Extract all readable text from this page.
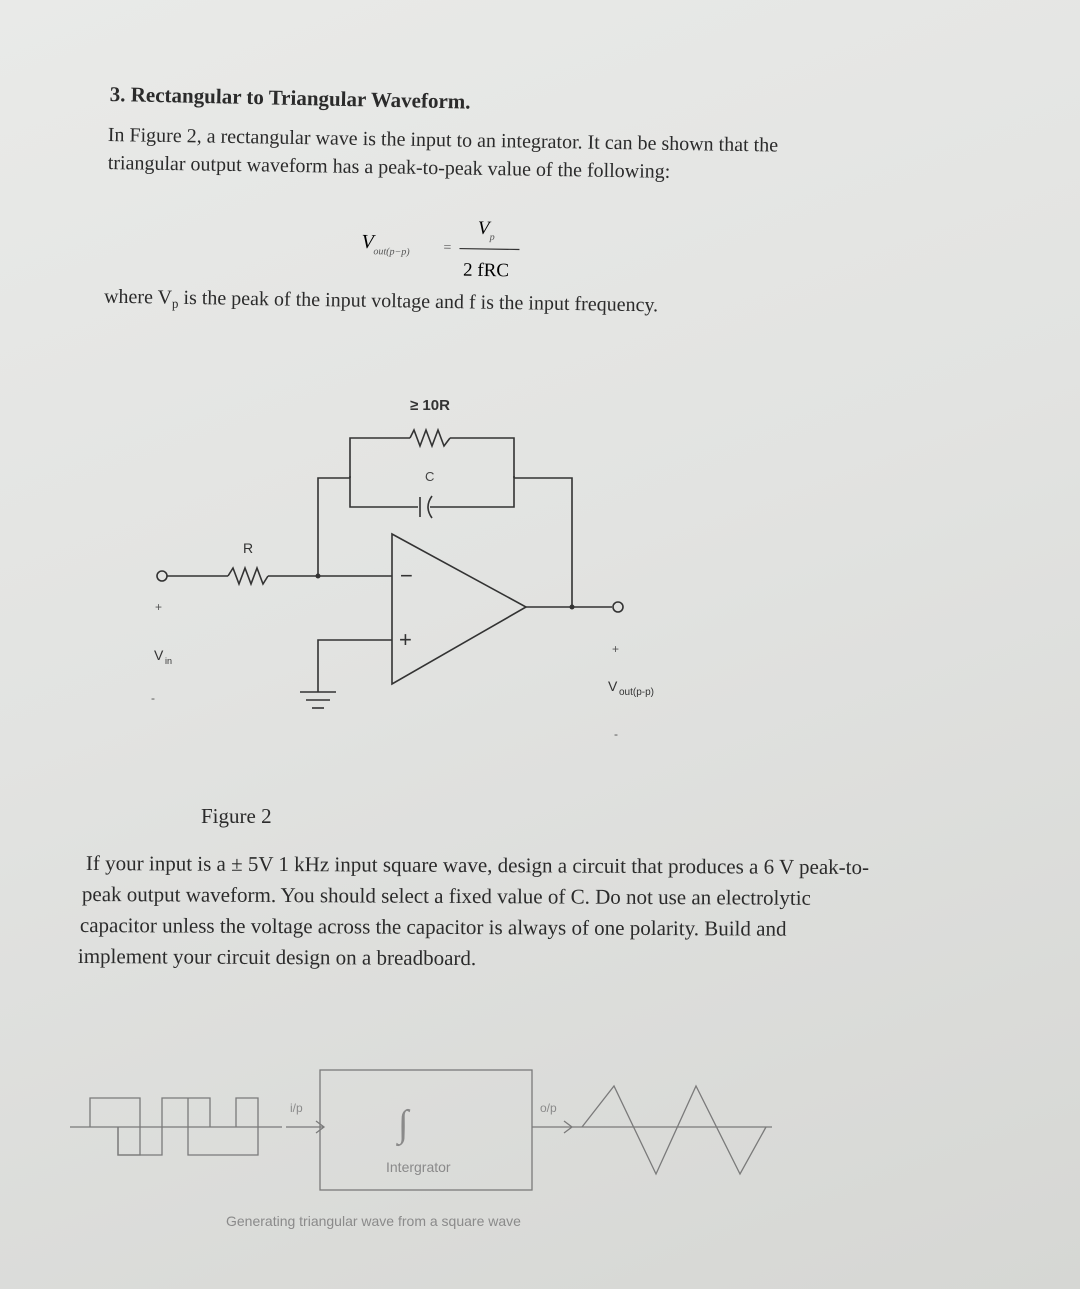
3. Rectangular to Triangular Waveform.
In Figure 2, a rectangular wave is the input to an integrator. It can be shown that the
triangular output waveform has a peak-to-peak value of the following:
V out(p−p) =
V p
2 fRC
where $V_p$ is the peak of the input voltage and f is the input frequency.
≥ 10R
C
R
−
+
+
V in
-
+
V out(p-p)
-
Figure 2
If your input is a ± 5V 1 kHz input square wave, design a circuit that produces a 6 V peak-to-
peak output waveform. You should select a fixed value of C. Do not use an electrolytic
capacitor unless the voltage across the capacitor is always of one polarity. Build and
implement your circuit design on a breadboard.
i/p	∫
Intergrator
o/p
Generating triangular wave from a square wave
